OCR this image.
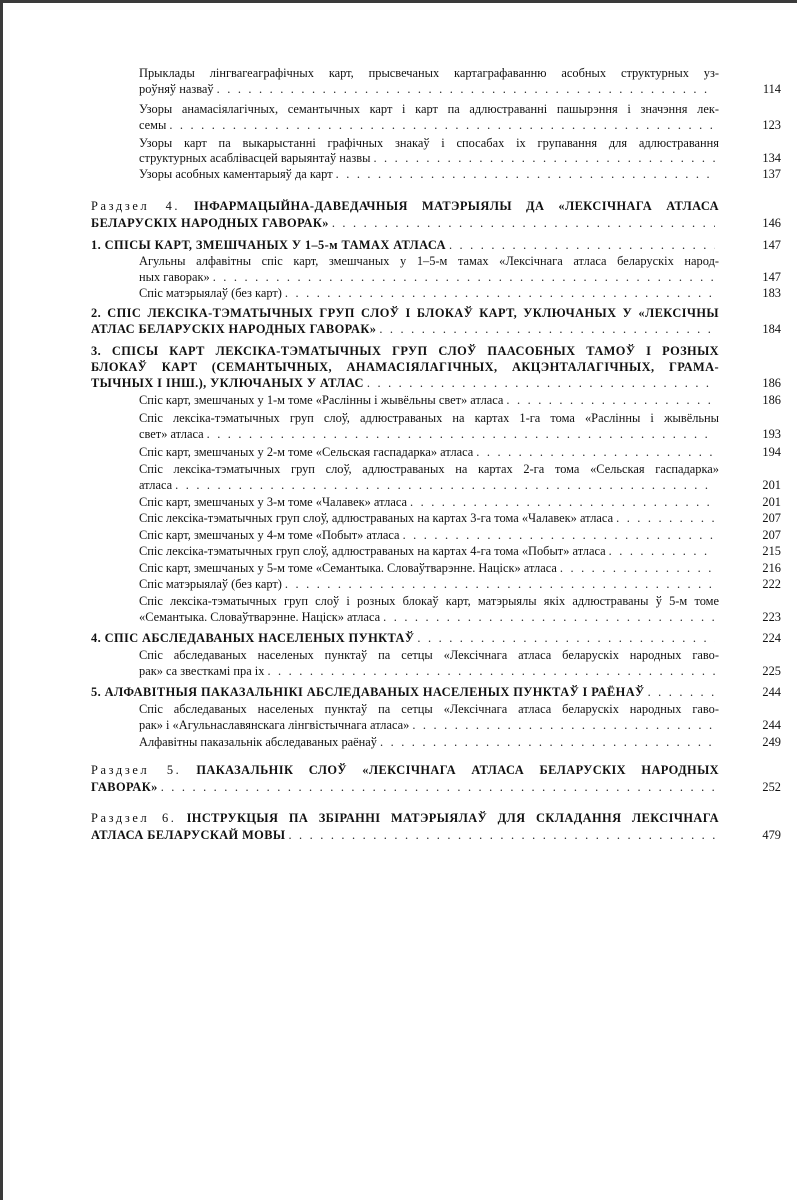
Прыклады лінгвагеаграфічных карт, прысвечаных картаграфаванню асобных структурных уз-
роўняў назваў . . .	114
Узоры анамасіялагічных, семантычных карт і карт па адлюстраванні пашырэння і значэння лек-
семы . . .	123
Узоры карт па выкарыстанні графічных знакаў і спосабах іх групавання для адлюстравання
структурных асаблівасцей варыянтаў назвы . . .	134
Узоры асобных каментарыяў да карт . . .	137
Раздзел 4. ІНФАРМАЦЫЙНА-ДАВЕДАЧНЫЯ МАТЭРЫЯЛЫ ДА «ЛЕКСІЧНАГА АТЛАСА
БЕЛАРУСКІХ НАРОДНЫХ ГАВОРАК» . . .	146
1. СПІСЫ КАРТ, ЗМЕШЧАНЫХ У 1–5-м ТАМАХ АТЛАСА . . .	147
Агульны алфавітны спіс карт, змешчаных у 1–5-м тамах «Лексічнага атласа беларускіх народ-
ных гаворак» . . .	147
Спіс матэрыялаў (без карт) . . .	183
2. СПІС ЛЕКСІКА-ТЭМАТЫЧНЫХ ГРУП СЛОЎ І БЛОКАЎ КАРТ, УКЛЮЧАНЫХ У «ЛЕКСІЧНЫ
АТЛАС БЕЛАРУСКІХ НАРОДНЫХ ГАВОРАК» . . .	184
3. СПІСЫ КАРТ ЛЕКСІКА-ТЭМАТЫЧНЫХ ГРУП СЛОЎ ПААСОБНЫХ ТАМОЎ І РОЗНЫХ
БЛОКАЎ КАРТ (СЕМАНТЫЧНЫХ, АНАМАСІЯЛАГІЧНЫХ, АКЦЭНТАЛАГІЧНЫХ, ГРАМА-
ТЫЧНЫХ І ІНШ.), УКЛЮЧАНЫХ У АТЛАС . . .	186
Спіс карт, змешчаных у 1-м томе «Раслінны і жывёльны свет» атласа . . .	186
Спіс лексіка-тэматычных груп слоў, адлюстраваных на картах 1-га тома «Раслінны і жывёльны
свет» атласа . . .	193
Спіс карт, змешчаных у 2-м томе «Сельская гаспадарка» атласа . . .	194
Спіс лексіка-тэматычных груп слоў, адлюстраваных на картах 2-га тома «Сельская гаспадарка»
атласа . . .	201
Спіс карт, змешчаных у 3-м томе «Чалавек» атласа . . .	201
Спіс лексіка-тэматычных груп слоў, адлюстраваных на картах 3-га тома «Чалавек» атласа . . .	207
Спіс карт, змешчаных у 4-м томе «Побыт» атласа . . .	207
Спіс лексіка-тэматычных груп слоў, адлюстраваных на картах 4-га тома «Побыт» атласа . . .	215
Спіс карт, змешчаных у 5-м томе «Семантыка. Словаўтварэнне. Націск» атласа . . .	216
Спіс матэрыялаў (без карт) . . .	222
Спіс лексіка-тэматычных груп слоў і розных блокаў карт, матэрыялы якіх адлюстраваны ў 5-м томе
«Семантыка. Словаўтварэнне. Націск» атласа . . .	223
4. СПІС АБСЛЕДАВАНЫХ НАСЕЛЕНЫХ ПУНКТАЎ . . .	224
Спіс абследаваных населеных пунктаў па сетцы «Лексічнага атласа беларускіх народных гаво-
рак» са звесткамі пра іх . . .	225
5. АЛФАВІТНЫЯ ПАКАЗАЛЬНІКІ АБСЛЕДАВАНЫХ НАСЕЛЕНЫХ ПУНКТАЎ І РАЁНАЎ . . .	244
Спіс абследаваных населеных пунктаў па сетцы «Лексічнага атласа беларускіх народных гаво-
рак» і «Агульнаславянскага лінгвістычнага атласа» . . .	244
Алфавітны паказальнік абследаваных раёнаў . . .	249
Раздзел 5. ПАКАЗАЛЬНІК СЛОЎ «ЛЕКСІЧНАГА АТЛАСА БЕЛАРУСКІХ НАРОДНЫХ
ГАВОРАК» . . .	252
Раздзел 6. ІНСТРУКЦЫЯ ПА ЗБІРАННІ МАТЭРЫЯЛАЎ ДЛЯ СКЛАДАННЯ ЛЕКСІЧНАГА
АТЛАСА БЕЛАРУСКАЙ МОВЫ . . .	479
